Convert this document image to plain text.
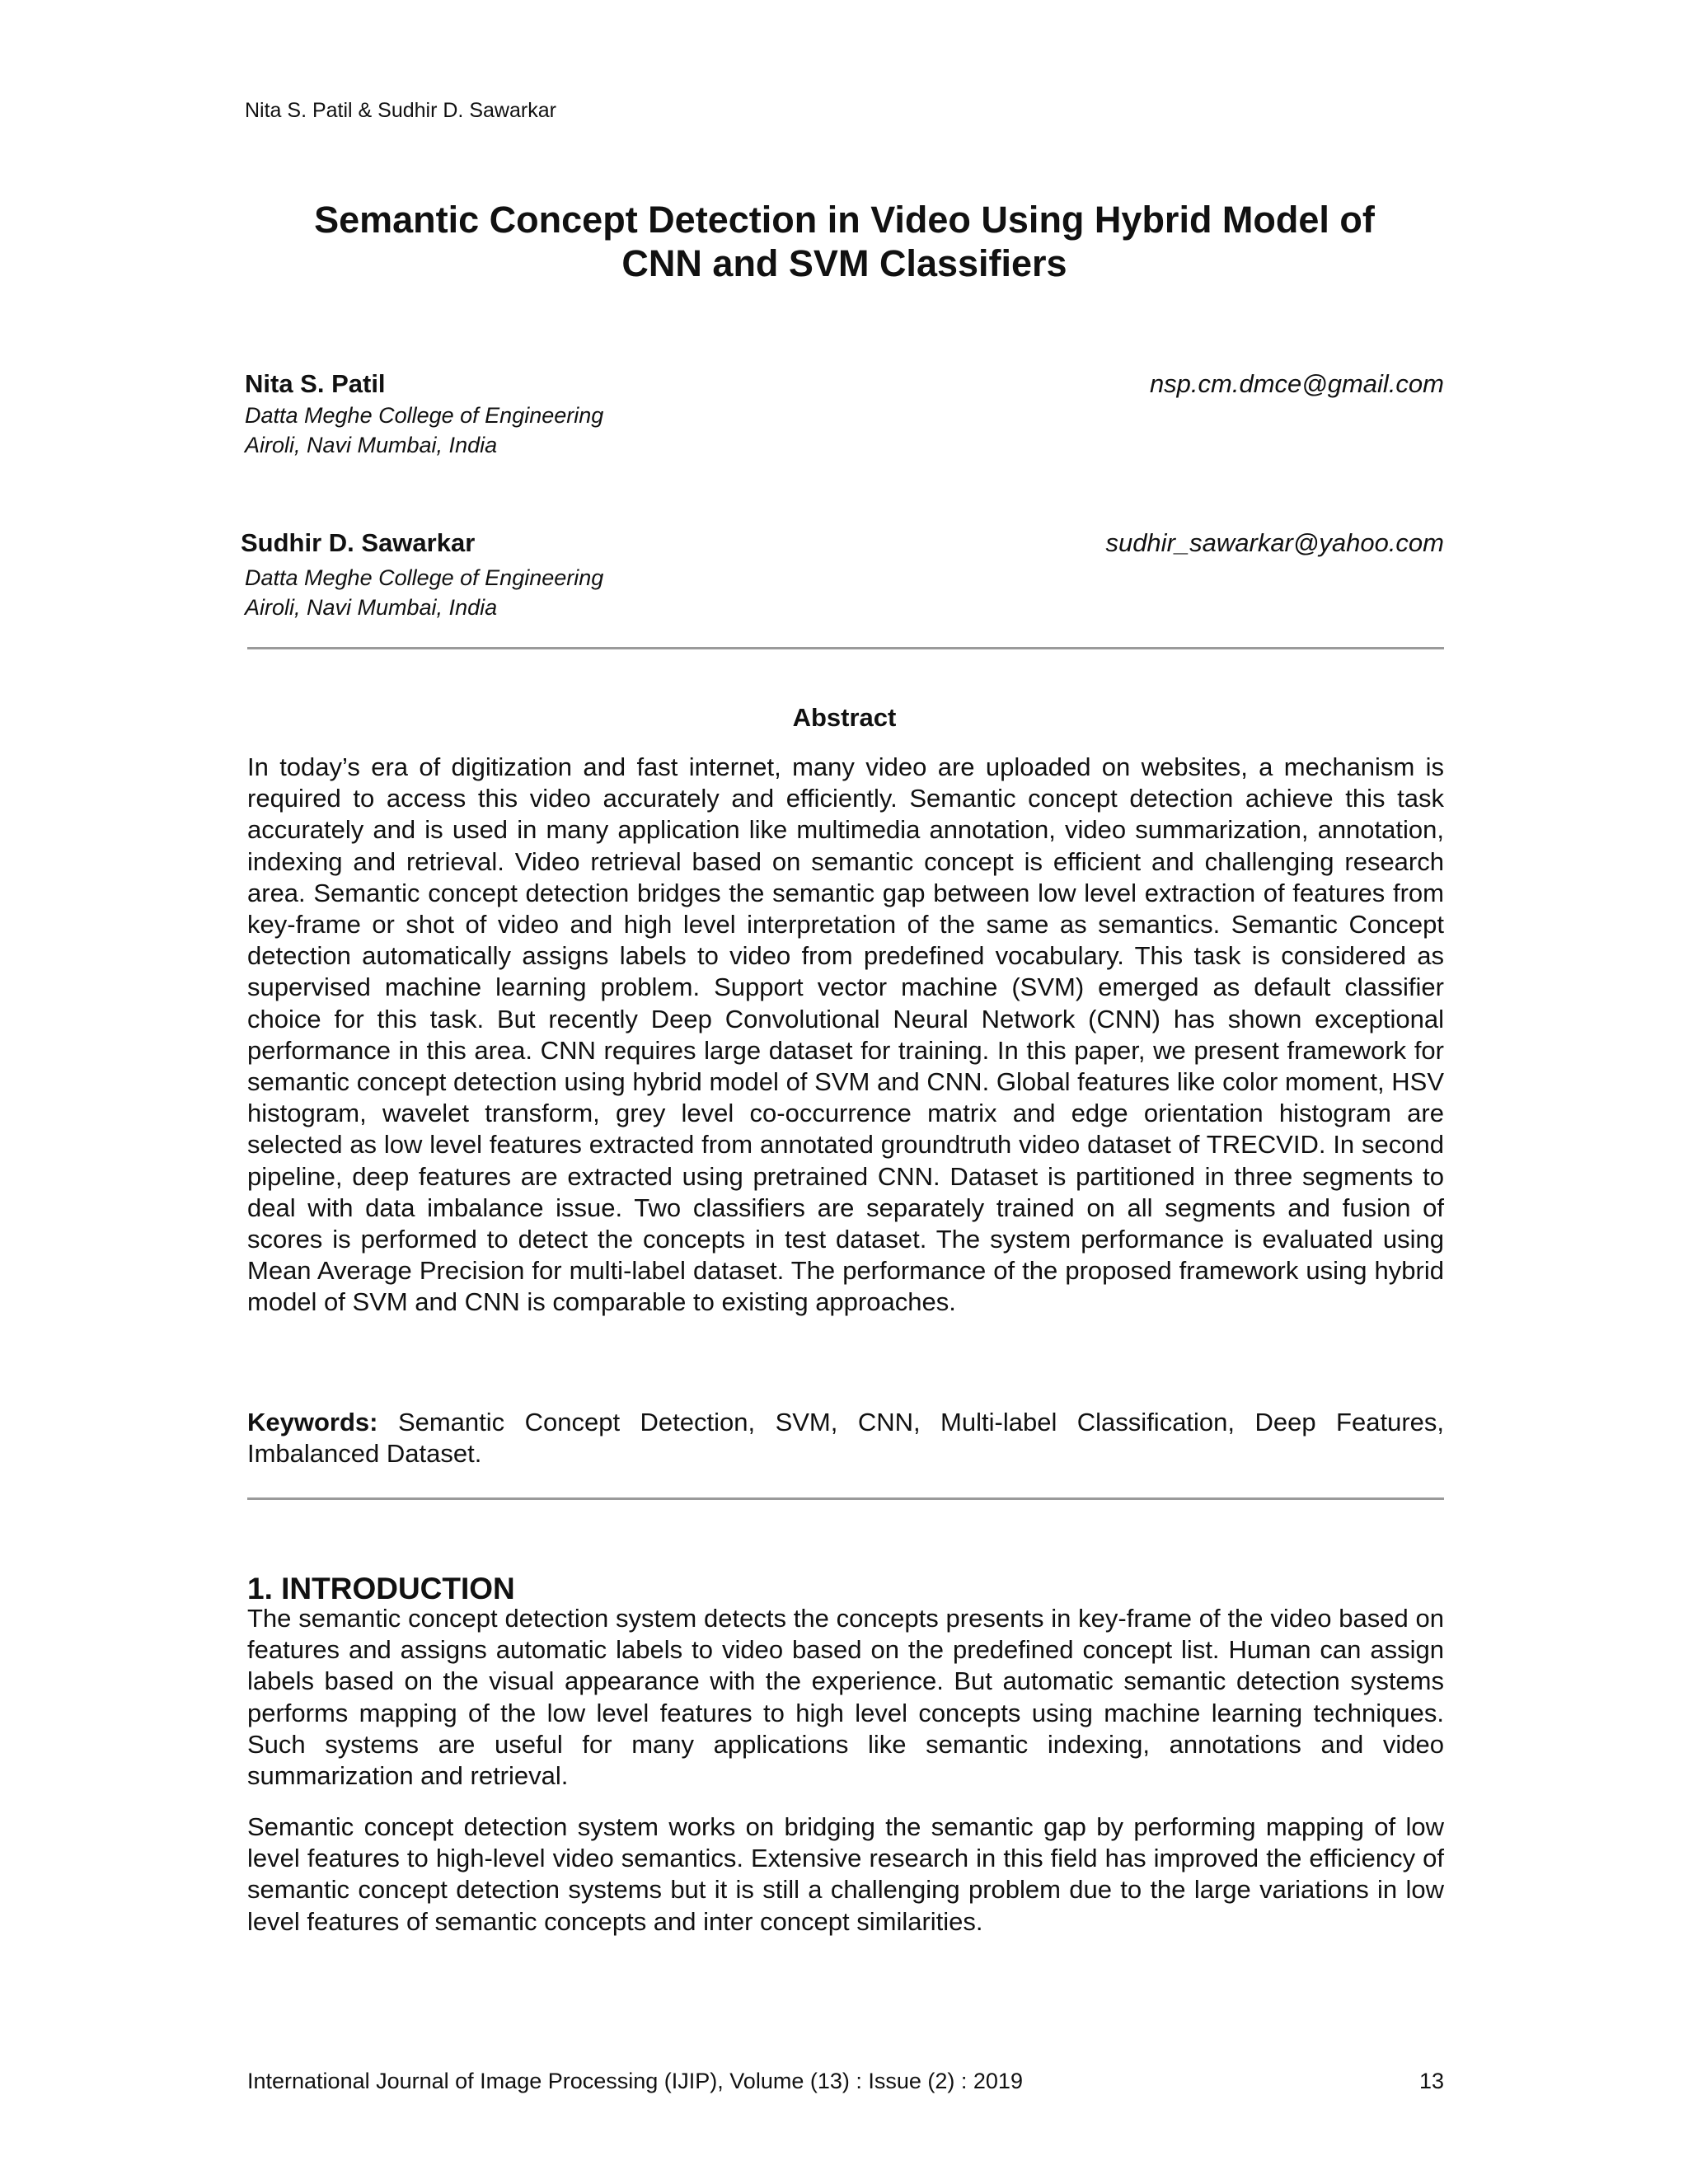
Nita S. Patil & Sudhir D. Sawarkar
Semantic Concept Detection in Video Using Hybrid Model of
CNN and SVM Classifiers
Nita S. Patil	nsp.cm.dmce@gmail.com
Datta Meghe College of Engineering
Airoli, Navi Mumbai, India
Sudhir D. Sawarkar	sudhir_sawarkar@yahoo.com
Datta Meghe College of Engineering
Airoli, Navi Mumbai, India
Abstract

In today’s era of digitization and fast internet, many video are uploaded on websites, a mechanism is required to access this video accurately and efficiently. Semantic concept detection achieve this task accurately and is used in many application like multimedia annotation, video summarization, annotation, indexing and retrieval. Video retrieval based on semantic concept is efficient and challenging research area. Semantic concept detection bridges the semantic gap between low level extraction of features from key-frame or shot of video and high level interpretation of the same as semantics. Semantic Concept detection automatically assigns labels to video from predefined vocabulary. This task is considered as supervised machine learning problem. Support vector machine (SVM) emerged as default classifier choice for this task. But recently Deep Convolutional Neural Network (CNN) has shown exceptional performance in this area. CNN requires large dataset for training. In this paper, we present framework for semantic concept detection using hybrid model of SVM and CNN. Global features like color moment, HSV histogram, wavelet transform, grey level co-occurrence matrix and edge orientation histogram are selected as low level features extracted from annotated groundtruth video dataset of TRECVID. In second pipeline, deep features are extracted using pretrained CNN. Dataset is partitioned in three segments to deal with data imbalance issue. Two classifiers are separately trained on all segments and fusion of scores is performed to detect the concepts in test dataset. The system performance is evaluated using Mean Average Precision for multi-label dataset. The performance of the proposed framework using hybrid model of SVM and CNN is comparable to existing approaches.

Keywords: Semantic Concept Detection, SVM, CNN, Multi-label Classification, Deep Features, Imbalanced Dataset.

1. INTRODUCTION

The semantic concept detection system detects the concepts presents in key-frame of the video based on features and assigns automatic labels to video based on the predefined concept list. Human can assign labels based on the visual appearance with the experience. But automatic semantic detection systems performs mapping of the low level features to high level concepts using machine learning techniques. Such systems are useful for many applications like semantic indexing, annotations and video summarization and retrieval.

Semantic concept detection system works on bridging the semantic gap by performing mapping of low level features to high-level video semantics. Extensive research in this field has improved the efficiency of semantic concept detection systems but it is still a challenging problem due to the large variations in low level features of semantic concepts and inter concept similarities.

International Journal of Image Processing (IJIP), Volume (13) : Issue (2) : 2019	13
